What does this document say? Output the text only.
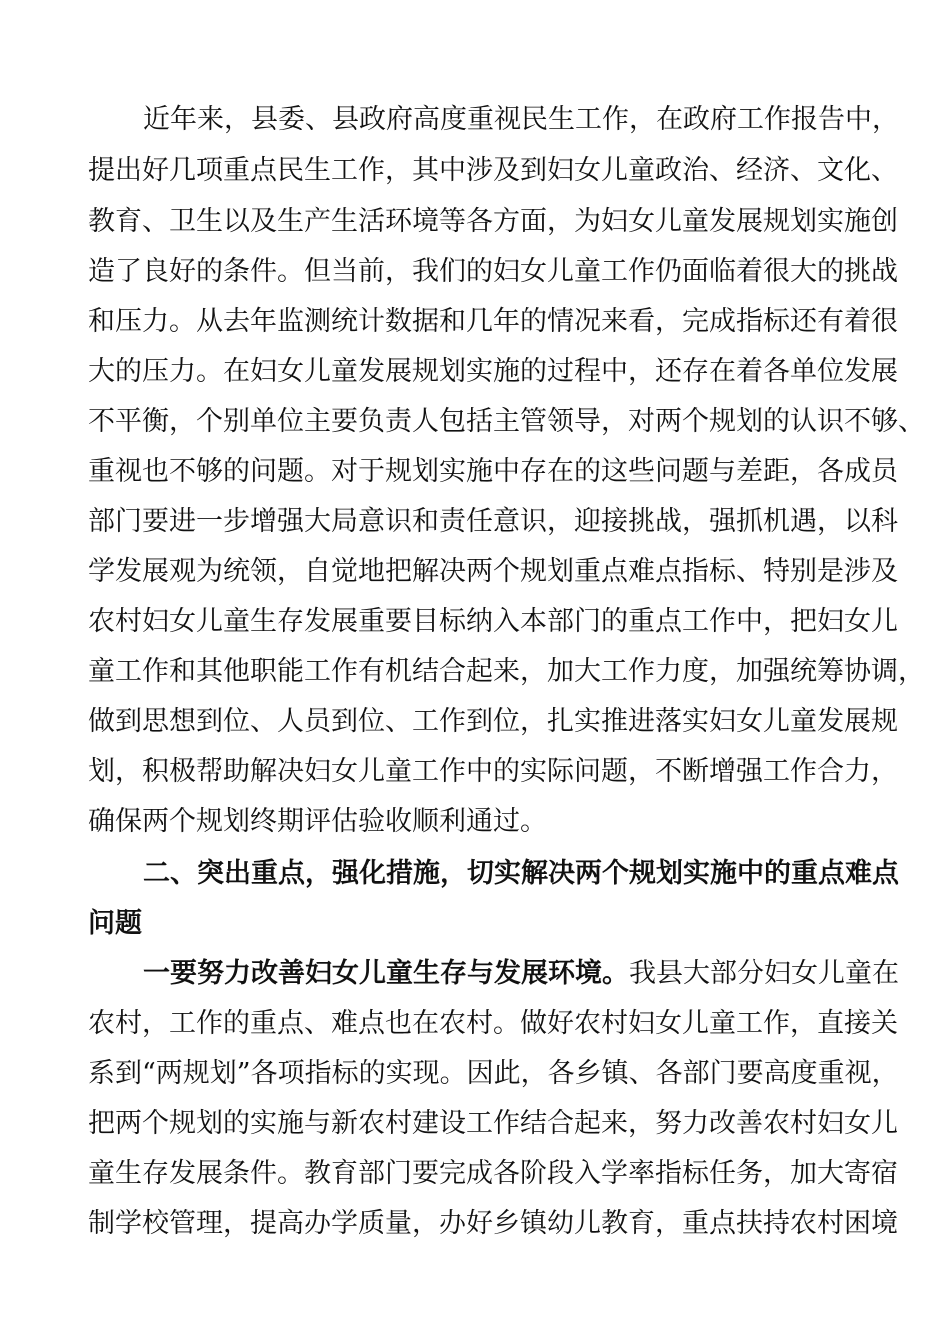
近年来，县委、县政府高度重视民生工作，在政府工作报告中，
提出好几项重点民生工作，其中涉及到妇女儿童政治、经济、文化、
教育、卫生以及生产生活环境等各方面，为妇女儿童发展规划实施创
造了良好的条件。但当前，我们的妇女儿童工作仍面临着很大的挑战
和压力。从去年监测统计数据和几年的情况来看，完成指标还有着很
大的压力。在妇女儿童发展规划实施的过程中，还存在着各单位发展
不平衡，个别单位主要负责人包括主管领导，对两个规划的认识不够、
重视也不够的问题。对于规划实施中存在的这些问题与差距，各成员
部门要进一步增强大局意识和责任意识，迎接挑战，强抓机遇，以科
学发展观为统领，自觉地把解决两个规划重点难点指标、特别是涉及
农村妇女儿童生存发展重要目标纳入本部门的重点工作中，把妇女儿
童工作和其他职能工作有机结合起来，加大工作力度，加强统筹协调，
做到思想到位、人员到位、工作到位，扎实推进落实妇女儿童发展规
划，积极帮助解决妇女儿童工作中的实际问题，不断增强工作合力，
确保两个规划终期评估验收顺利通过。
二、突出重点，强化措施，切实解决两个规划实施中的重点难点
问题
一要努力改善妇女儿童生存与发展环境。我县大部分妇女儿童在
农村，工作的重点、难点也在农村。做好农村妇女儿童工作，直接关
系到“两规划”各项指标的实现。因此，各乡镇、各部门要高度重视，
把两个规划的实施与新农村建设工作结合起来，努力改善农村妇女儿
童生存发展条件。教育部门要完成各阶段入学率指标任务，加大寄宿
制学校管理，提高办学质量，办好乡镇幼儿教育，重点扶持农村困境
